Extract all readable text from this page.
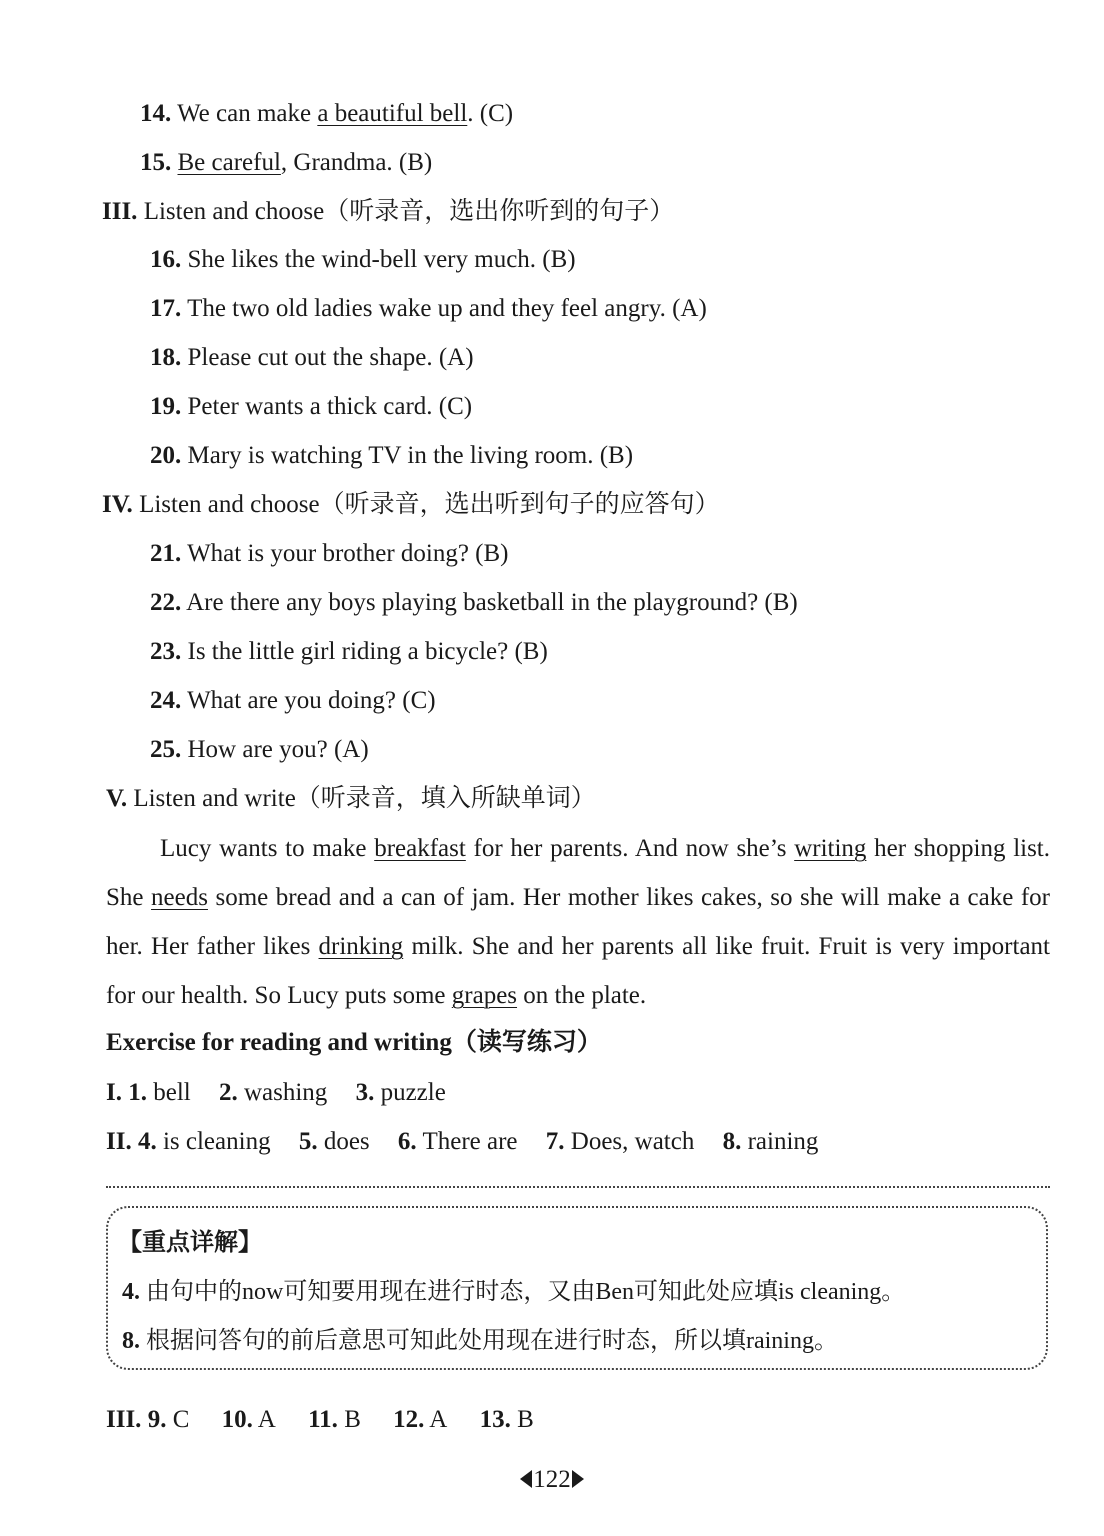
14. We can make a beautiful bell. (C)
15. Be careful, Grandma. (B)
III. Listen and choose（听录音，选出你听到的句子）
16. She likes the wind-bell very much. (B)
17. The two old ladies wake up and they feel angry. (A)
18. Please cut out the shape. (A)
19. Peter wants a thick card. (C)
20. Mary is watching TV in the living room. (B)
IV. Listen and choose（听录音，选出听到句子的应答句）
21. What is your brother doing? (B)
22. Are there any boys playing basketball in the playground? (B)
23. Is the little girl riding a bicycle? (B)
24. What are you doing? (C)
25. How are you? (A)
V. Listen and write（听录音，填入所缺单词）
Lucy wants to make breakfast for her parents. And now she’s writing her shopping list. She needs some bread and a can of jam. Her mother likes cakes, so she will make a cake for her. Her father likes drinking milk. She and her parents all like fruit. Fruit is very important for our health. So Lucy puts some grapes on the plate.
Exercise for reading and writing（读写练习）
I. 1. bell 2. washing 3. puzzle
II. 4. is cleaning 5. does 6. There are 7. Does, watch 8. raining
【重点详解】
4. 由句中的now可知要用现在进行时态，又由Ben可知此处应填is cleaning。
8. 根据问答句的前后意思可知此处用现在进行时态，所以填raining。
III. 9. C 10. A 11. B 12. A 13. B
122
